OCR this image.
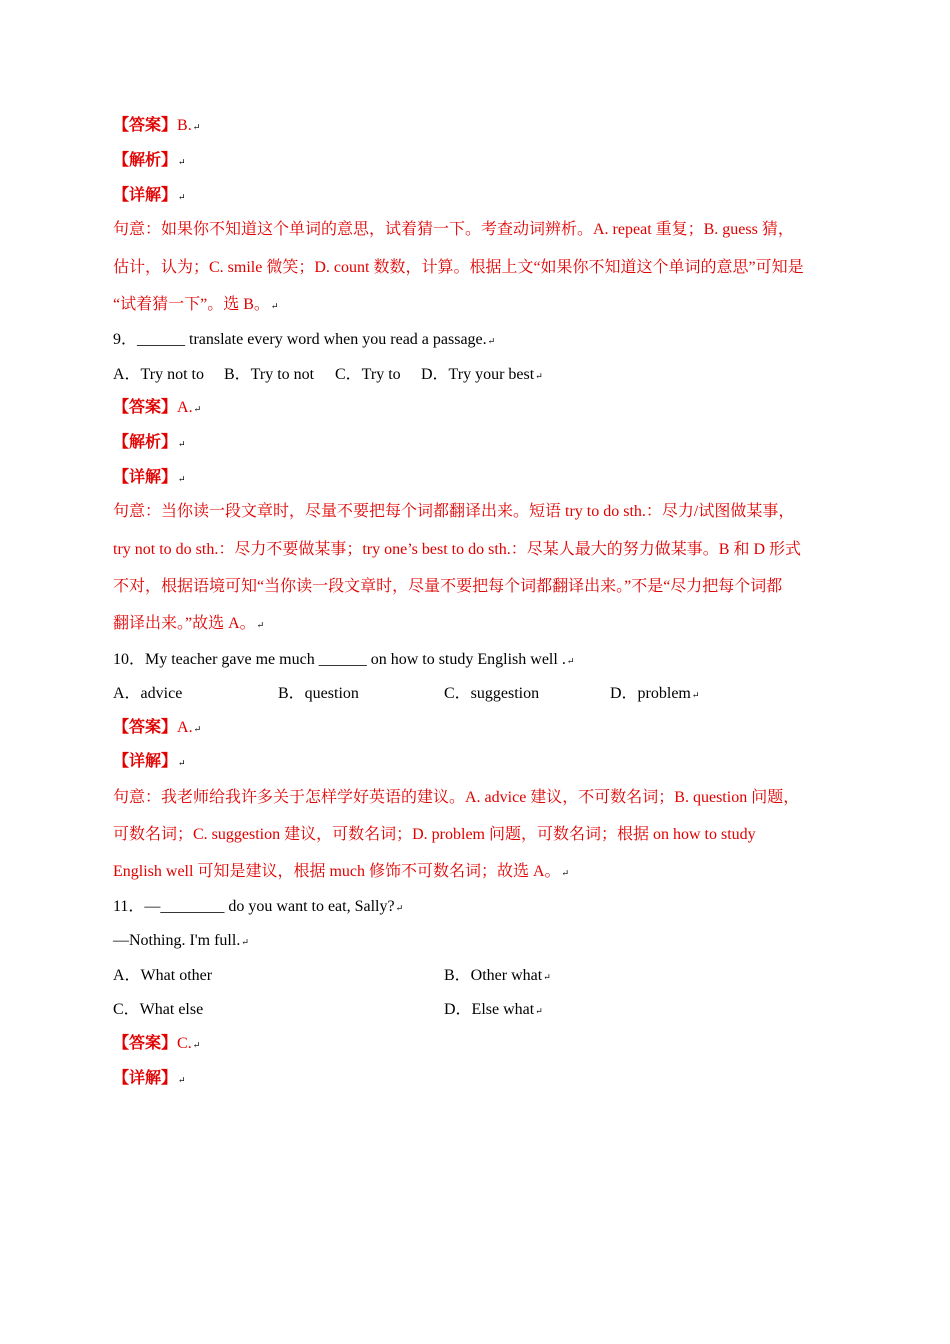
【答案】B.↵
【解析】↵
【详解】↵
句意：如果你不知道这个单词的意思，试着猜一下。考查动词辨析。A. repeat 重复；B. guess 猜，
估计，认为；C. smile 微笑；D. count 数数，计算。根据上文“如果你不知道这个单词的意思”可知是
“试着猜一下”。选 B。↵
9．______ translate every word when you read a passage.↵
A．Try not to B．Try to not C．Try to D．Try your best↵
【答案】A.↵
【解析】↵
【详解】↵
句意：当你读一段文章时，尽量不要把每个词都翻译出来。短语 try to do sth.：尽力/试图做某事，
try not to do sth.：尽力不要做某事；try one’s best to do sth.：尽某人最大的努力做某事。B 和 D 形式
不对，根据语境可知“当你读一段文章时，尽量不要把每个词都翻译出来。”不是“尽力把每个词都
翻译出来。”故选 A。↵
10．My teacher gave me much ______ on how to study English well .↵
A．advice	B．question	C．suggestion	D．problem↵
【答案】A.↵
【详解】↵
句意：我老师给我许多关于怎样学好英语的建议。A. advice 建议，不可数名词；B. question 问题，
可数名词；C. suggestion 建议，可数名词；D. problem 问题，可数名词；根据 on how to study
English well 可知是建议，根据 much 修饰不可数名词；故选 A。↵
11．—________ do you want to eat, Sally?↵
—Nothing. I'm full.↵
A．What other	B．Other what↵
C．What else	D．Else what↵
【答案】C.↵
【详解】↵
